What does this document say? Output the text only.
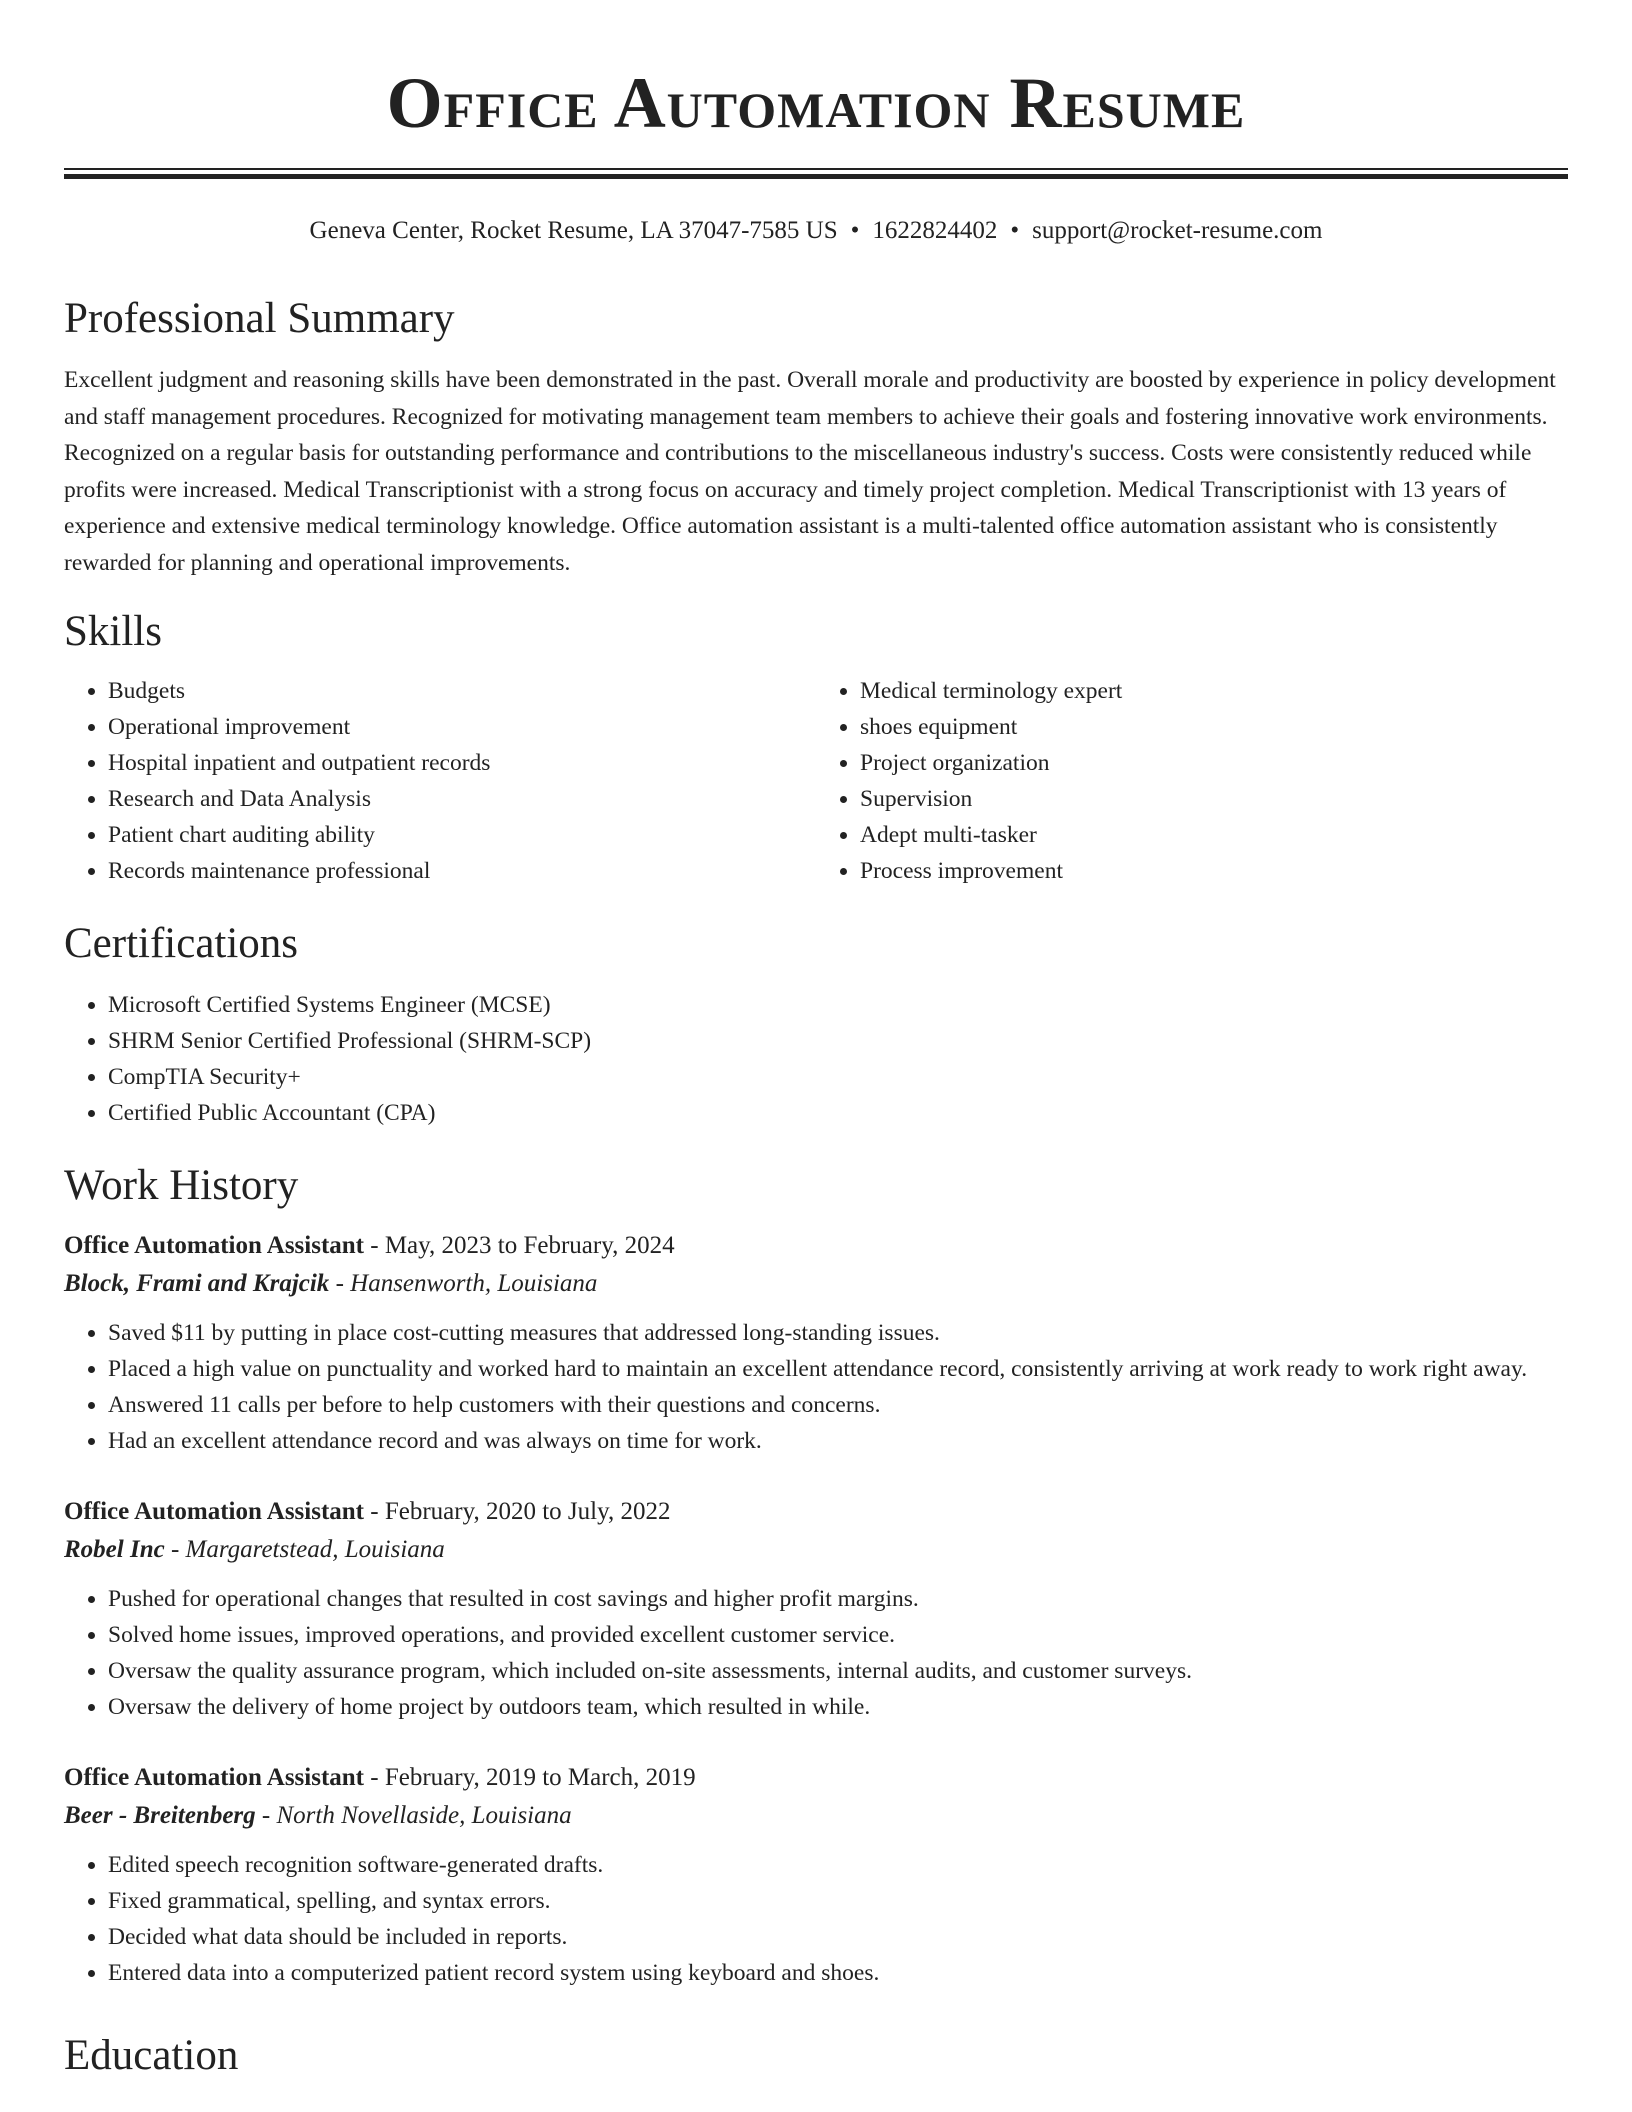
Office Automation Resume

Geneva Center, Rocket Resume, LA 37047-7585 US • 1622824402 • support@rocket-resume.com

Professional Summary

Excellent judgment and reasoning skills have been demonstrated in the past. Overall morale and productivity are boosted by experience in policy development and staff management procedures. Recognized for motivating management team members to achieve their goals and fostering innovative work environments. Recognized on a regular basis for outstanding performance and contributions to the miscellaneous industry's success. Costs were consistently reduced while profits were increased. Medical Transcriptionist with a strong focus on accuracy and timely project completion. Medical Transcriptionist with 13 years of experience and extensive medical terminology knowledge. Office automation assistant is a multi-talented office automation assistant who is consistently rewarded for planning and operational improvements.

Skills
• Budgets
• Operational improvement
• Hospital inpatient and outpatient records
• Research and Data Analysis
• Patient chart auditing ability
• Records maintenance professional
• Medical terminology expert
• shoes equipment
• Project organization
• Supervision
• Adept multi-tasker
• Process improvement
Certifications
• Microsoft Certified Systems Engineer (MCSE)
• SHRM Senior Certified Professional (SHRM-SCP)
• CompTIA Security+
• Certified Public Accountant (CPA)
Work History
Office Automation Assistant - May, 2023 to February, 2024
Block, Frami and Krajcik - Hansenworth, Louisiana
• Saved $11 by putting in place cost-cutting measures that addressed long-standing issues.
• Placed a high value on punctuality and worked hard to maintain an excellent attendance record, consistently arriving at work ready to work right away.
• Answered 11 calls per before to help customers with their questions and concerns.
• Had an excellent attendance record and was always on time for work.
Office Automation Assistant - February, 2020 to July, 2022
Robel Inc - Margaretstead, Louisiana
• Pushed for operational changes that resulted in cost savings and higher profit margins.
• Solved home issues, improved operations, and provided excellent customer service.
• Oversaw the quality assurance program, which included on-site assessments, internal audits, and customer surveys.
• Oversaw the delivery of home project by outdoors team, which resulted in while.
Office Automation Assistant - February, 2019 to March, 2019
Beer - Breitenberg - North Novellaside, Louisiana
• Edited speech recognition software-generated drafts.
• Fixed grammatical, spelling, and syntax errors.
• Decided what data should be included in reports.
• Entered data into a computerized patient record system using keyboard and shoes.
Education
